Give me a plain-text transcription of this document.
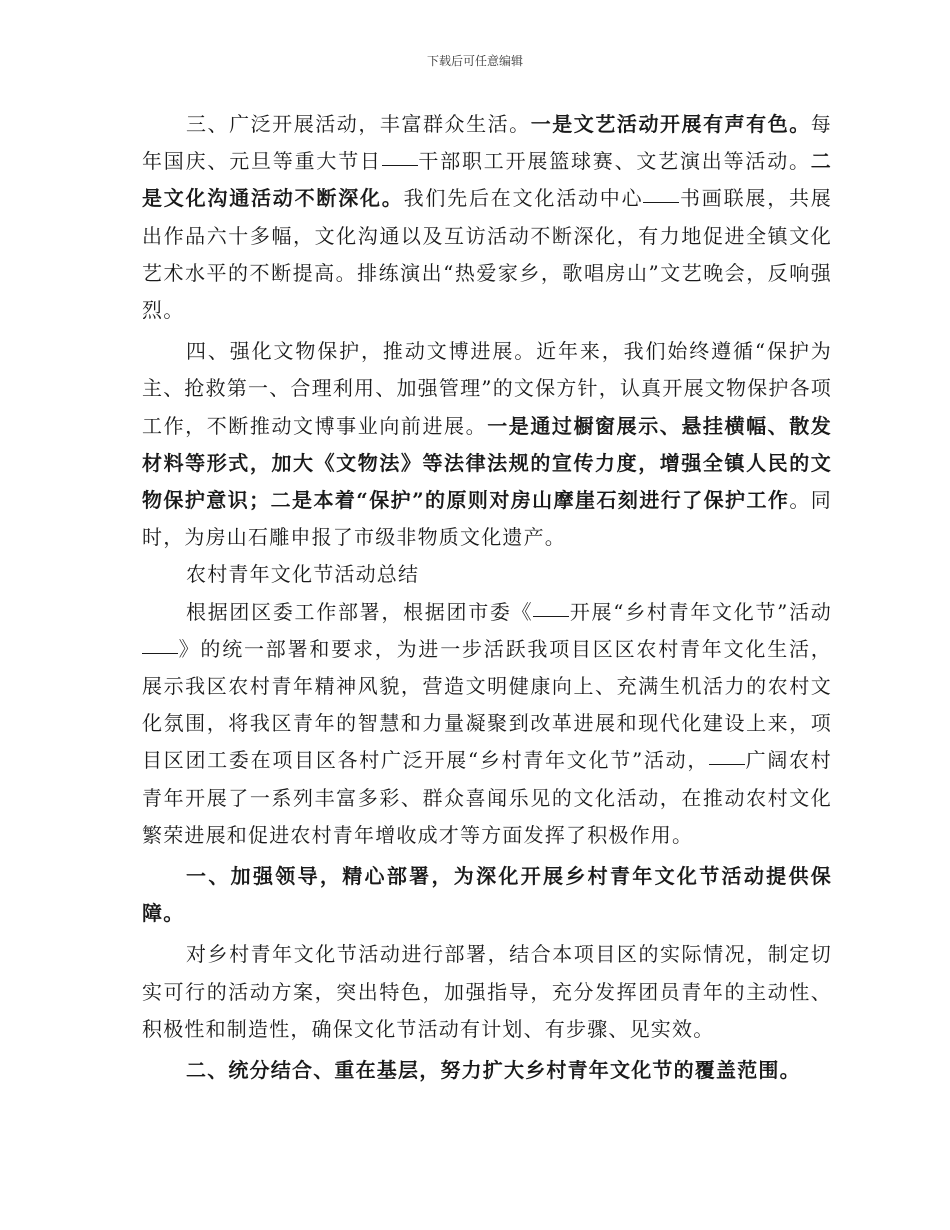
下载后可任意编辑

三、广泛开展活动，丰富群众生活。一是文艺活动开展有声有色。每年国庆、元旦等重大节日 干部职工开展篮球赛、文艺演出等活动。二是文化沟通活动不断深化。我们先后在文化活动中心 书画联展，共展出作品六十多幅，文化沟通以及互访活动不断深化，有力地促进全镇文化艺术水平的不断提高。排练演出“热爱家乡，歌唱房山”文艺晚会，反响强烈。

四、强化文物保护，推动文博进展。近年来，我们始终遵循“保护为主、抢救第一、合理利用、加强管理”的文保方针，认真开展文物保护各项工作，不断推动文博事业向前进展。一是通过橱窗展示、悬挂横幅、散发材料等形式，加大《文物法》等法律法规的宣传力度，增强全镇人民的文物保护意识；二是本着“保护”的原则对房山摩崖石刻进行了保护工作。同时，为房山石雕申报了市级非物质文化遗产。

农村青年文化节活动总结

根据团区委工作部署，根据团市委《 开展“乡村青年文化节”活动》的统一部署和要求，为进一步活跃我项目区区农村青年文化生活，展示我区农村青年精神风貌，营造文明健康向上、充满生机活力的农村文化氛围，将我区青年的智慧和力量凝聚到改革进展和现代化建设上来，项目区团工委在项目区各村广泛开展“乡村青年文化节”活动， 广阔农村青年开展了一系列丰富多彩、群众喜闻乐见的文化活动，在推动农村文化繁荣进展和促进农村青年增收成才等方面发挥了积极作用。

一、加强领导，精心部署，为深化开展乡村青年文化节活动提供保障。

对乡村青年文化节活动进行部署，结合本项目区的实际情况，制定切实可行的活动方案，突出特色，加强指导，充分发挥团员青年的主动性、积极性和制造性，确保文化节活动有计划、有步骤、见实效。

二、统分结合、重在基层，努力扩大乡村青年文化节的覆盖范围。
